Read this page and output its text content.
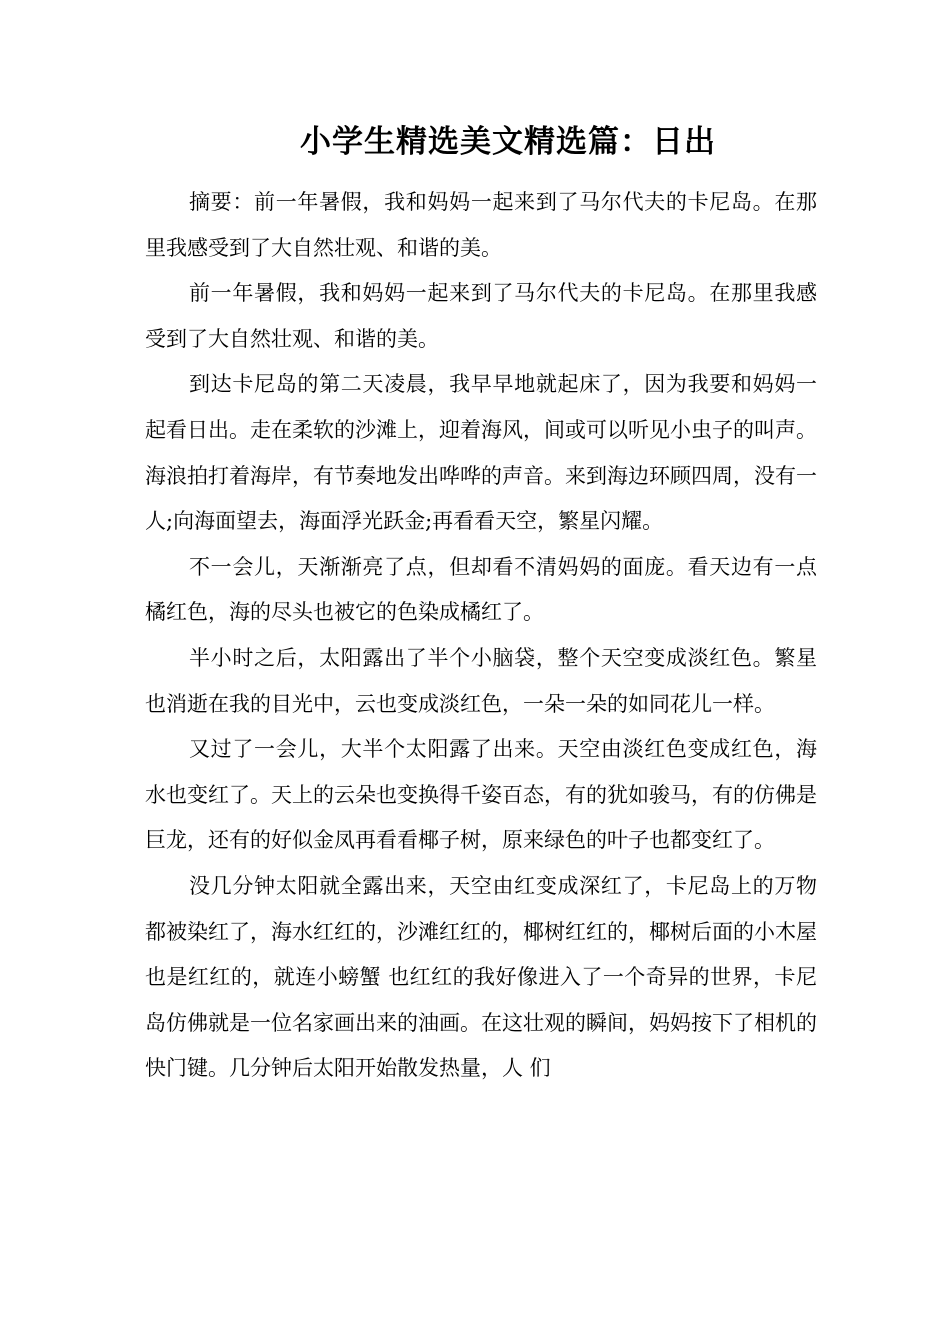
小学生精选美文精选篇：日出

摘要：前一年暑假，我和妈妈一起来到了马尔代夫的卡尼岛。在那里我感受到了大自然壮观、和谐的美。

前一年暑假，我和妈妈一起来到了马尔代夫的卡尼岛。在那里我感受到了大自然壮观、和谐的美。

到达卡尼岛的第二天凌晨，我早早地就起床了，因为我要和妈妈一起看日出。走在柔软的沙滩上，迎着海风，间或可以听见小虫子的叫声。海浪拍打着海岸，有节奏地发出哗哗的声音。来到海边环顾四周，没有一人;向海面望去，海面浮光跃金;再看看天空，繁星闪耀。

不一会儿，天渐渐亮了点，但却看不清妈妈的面庞。看天边有一点橘红色，海的尽头也被它的色染成橘红了。

半小时之后，太阳露出了半个小脑袋，整个天空变成淡红色。繁星也消逝在我的目光中，云也变成淡红色，一朵一朵的如同花儿一样。

又过了一会儿，大半个太阳露了出来。天空由淡红色变成红色，海水也变红了。天上的云朵也变换得千姿百态，有的犹如骏马，有的仿佛是巨龙，还有的好似金凤再看看椰子树，原来绿色的叶子也都变红了。

没几分钟太阳就全露出来，天空由红变成深红了，卡尼岛上的万物都被染红了，海水红红的，沙滩红红的，椰树红红的，椰树后面的小木屋也是红红的，就连小螃蟹 也红红的我好像进入了一个奇异的世界，卡尼岛仿佛就是一位名家画出来的油画。在这壮观的瞬间，妈妈按下了相机的快门键。几分钟后太阳开始散发热量，人 们
